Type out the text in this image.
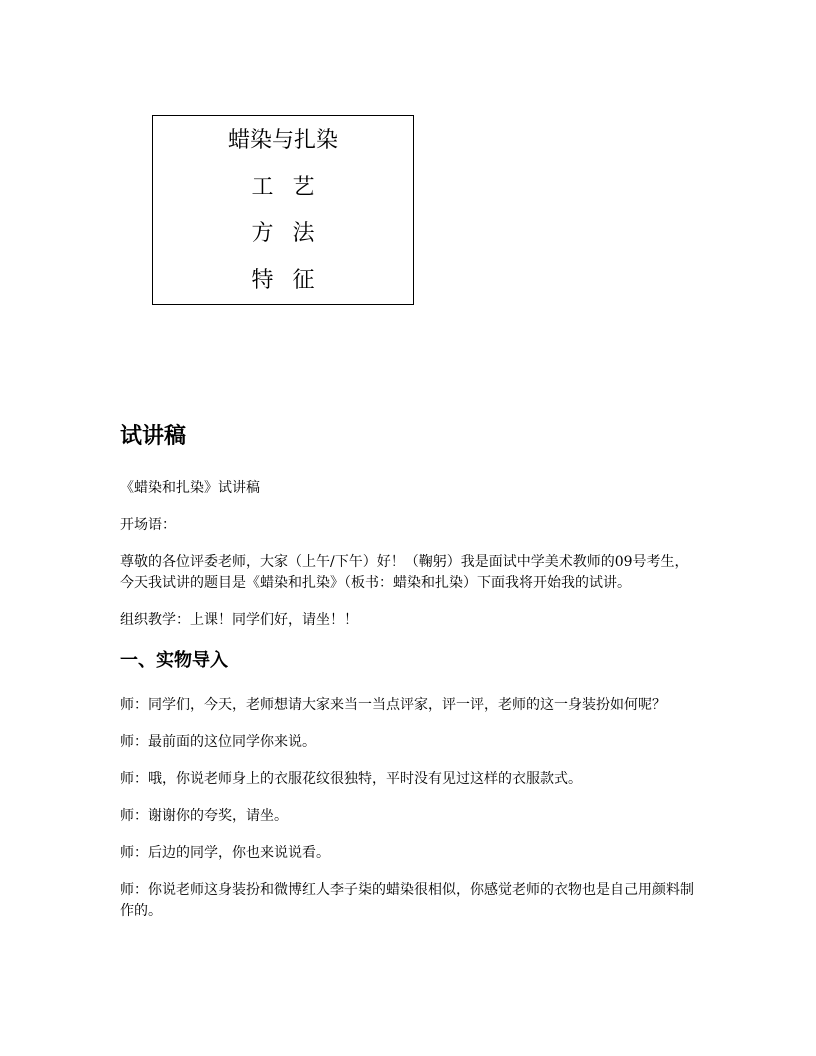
蜡染与扎染
工 艺
方 法
特 征
试讲稿

《蜡染和扎染》试讲稿

开场语：

尊敬的各位评委老师，大家（上午/下午）好！（鞠躬）我是面试中学美术教师的09号考生，今天我试讲的题目是《蜡染和扎染》（板书：蜡染和扎染）下面我将开始我的试讲。

组织教学：上课！同学们好，请坐！！

一、实物导入

师：同学们，今天，老师想请大家来当一当点评家，评一评，老师的这一身装扮如何呢？

师：最前面的这位同学你来说。

师：哦，你说老师身上的衣服花纹很独特，平时没有见过这样的衣服款式。

师：谢谢你的夸奖，请坐。

师：后边的同学，你也来说说看。

师：你说老师这身装扮和微博红人李子柒的蜡染很相似，你感觉老师的衣物也是自己用颜料制作的。
